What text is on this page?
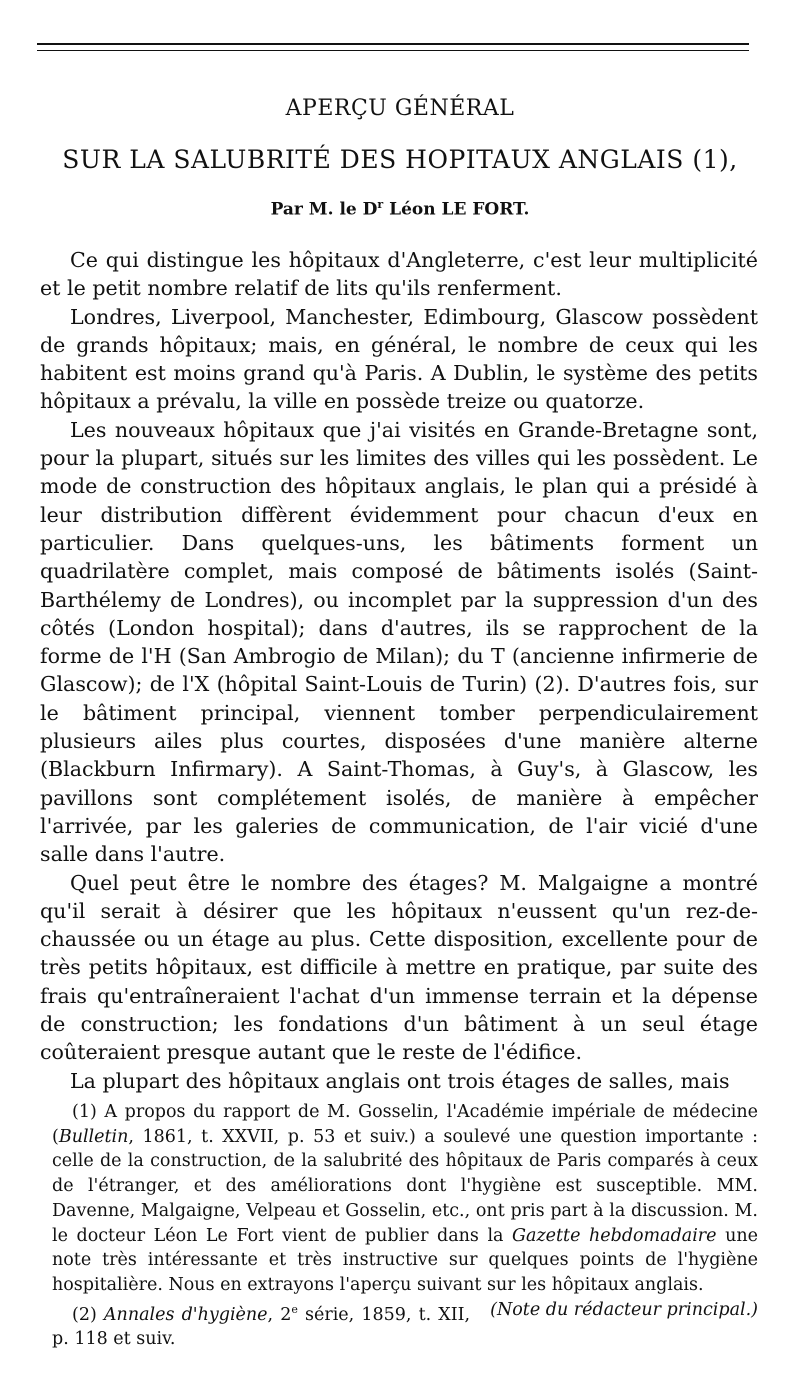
APERÇU GÉNÉRAL
SUR LA SALUBRITÉ DES HOPITAUX ANGLAIS (1),
Par M. le $D^r$ Léon LE FORT.

Ce qui distingue les hôpitaux d'Angleterre, c'est leur multiplicité et le petit nombre relatif de lits qu'ils renferment.

Londres, Liverpool, Manchester, Edimbourg, Glascow possèdent de grands hôpitaux; mais, en général, le nombre de ceux qui les habitent est moins grand qu'à Paris. A Dublin, le système des petits hôpitaux a prévalu, la ville en possède treize ou quatorze.

Les nouveaux hôpitaux que j'ai visités en Grande-Bretagne sont, pour la plupart, situés sur les limites des villes qui les possèdent. Le mode de construction des hôpitaux anglais, le plan qui a présidé à leur distribution diffèrent évidemment pour chacun d'eux en particulier. Dans quelques-uns, les bâtiments forment un quadrilatère complet, mais composé de bâtiments isolés (Saint-Barthélemy de Londres), ou incomplet par la suppression d'un des côtés (London hospital); dans d'autres, ils se rapprochent de la forme de l'H (San Ambrogio de Milan); du T (ancienne infirmerie de Glascow); de l'X (hôpital Saint-Louis de Turin) (2). D'autres fois, sur le bâtiment principal, viennent tomber perpendiculairement plusieurs ailes plus courtes, disposées d'une manière alterne (Blackburn Infirmary). A Saint-Thomas, à Guy's, à Glascow, les pavillons sont complétement isolés, de manière à empêcher l'arrivée, par les galeries de communication, de l'air vicié d'une salle dans l'autre.

Quel peut être le nombre des étages? M. Malgaigne a montré qu'il serait à désirer que les hôpitaux n'eussent qu'un rez-de-chaussée ou un étage au plus. Cette disposition, excellente pour de très petits hôpitaux, est difficile à mettre en pratique, par suite des frais qu'entraîneraient l'achat d'un immense terrain et la dépense de construction; les fondations d'un bâtiment à un seul étage coûteraient presque autant que le reste de l'édifice.

La plupart des hôpitaux anglais ont trois étages de salles, mais

(1) A propos du rapport de M. Gosselin, l'Académie impériale de médecine (Bulletin, 1861, t. XXVII, p. 53 et suiv.) a soulevé une question importante : celle de la construction, de la salubrité des hôpitaux de Paris comparés à ceux de l'étranger, et des améliorations dont l'hygiène est susceptible. MM. Davenne, Malgaigne, Velpeau et Gosselin, etc., ont pris part à la discussion. M. le docteur Léon Le Fort vient de publier dans la Gazette hebdomadaire une note très intéressante et très instructive sur quelques points de l'hygiène hospitalière. Nous en extrayons l'aperçu suivant sur les hôpitaux anglais.
(Note du rédacteur principal.)

(2) Annales d'hygiène, 2e série, 1859, t. XII, p. 118 et suiv.
